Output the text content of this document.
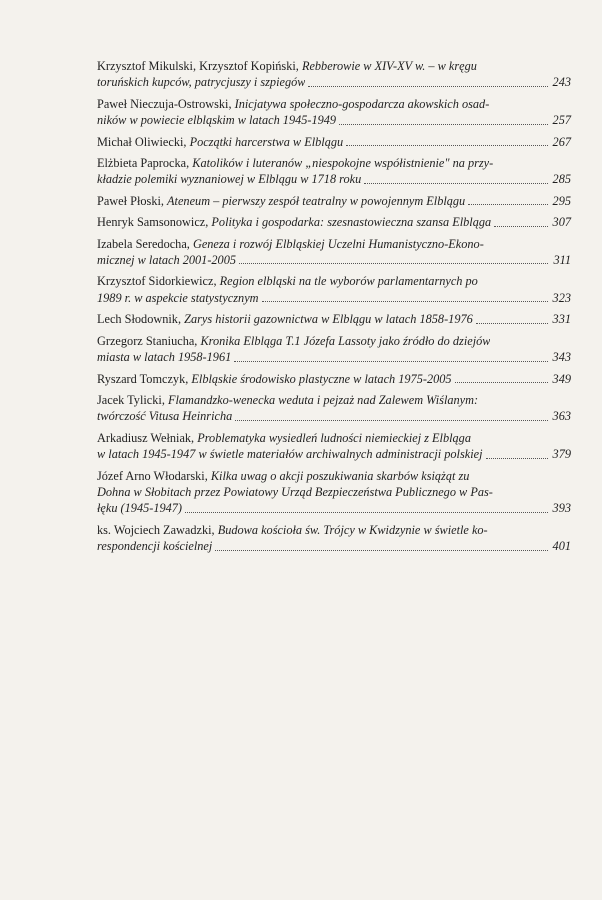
Krzysztof Mikulski, Krzysztof Kopiński, Rebberowie w XIV-XV w. – w kręgu
toruńskich kupców, patrycjuszy i szpiegów	243
Paweł Nieczuja-Ostrowski, Inicjatywa społeczno-gospodarcza akowskich osad-
ników w powiecie elbląskim w latach 1945-1949	257
Michał Oliwiecki, Początki harcerstwa w Elblągu	267
Elżbieta Paprocka, Katolików i luteranów „niespokojne współistnienie" na przy-
kładzie polemiki wyznaniowej w Elblągu w 1718 roku	285
Paweł Płoski, Ateneum – pierwszy zespół teatralny w powojennym Elblągu	295
Henryk Samsonowicz, Polityka i gospodarka: szesnastowieczna szansa Elbląga	307
Izabela Seredocha, Geneza i rozwój Elbląskiej Uczelni Humanistyczno-Ekono-
micznej w latach 2001-2005	311
Krzysztof Sidorkiewicz, Region elbląski na tle wyborów parlamentarnych po
1989 r. w aspekcie statystycznym	323
Lech Słodownik, Zarys historii gazownictwa w Elblągu w latach 1858-1976	331
Grzegorz Staniucha, Kronika Elbląga T.1 Józefa Lassoty jako źródło do dziejów
miasta w latach 1958-1961	343
Ryszard Tomczyk, Elbląskie środowisko plastyczne w latach 1975-2005	349
Jacek Tylicki, Flamandzko-wenecka weduta i pejzaż nad Zalewem Wiślanym:
twórczość Vitusa Heinricha	363
Arkadiusz Wełniak, Problematyka wysiedleń ludności niemieckiej z Elbląga
w latach 1945-1947 w świetle materiałów archiwalnych administracji polskiej	379
Józef Arno Włodarski, Kilka uwag o akcji poszukiwania skarbów książąt zu
Dohna w Słobitach przez Powiatowy Urząd Bezpieczeństwa Publicznego w Pas-
łęku (1945-1947)	393
ks. Wojciech Zawadzki, Budowa kościoła św. Trójcy w Kwidzynie w świetle ko-
respondencji kościelnej	401
